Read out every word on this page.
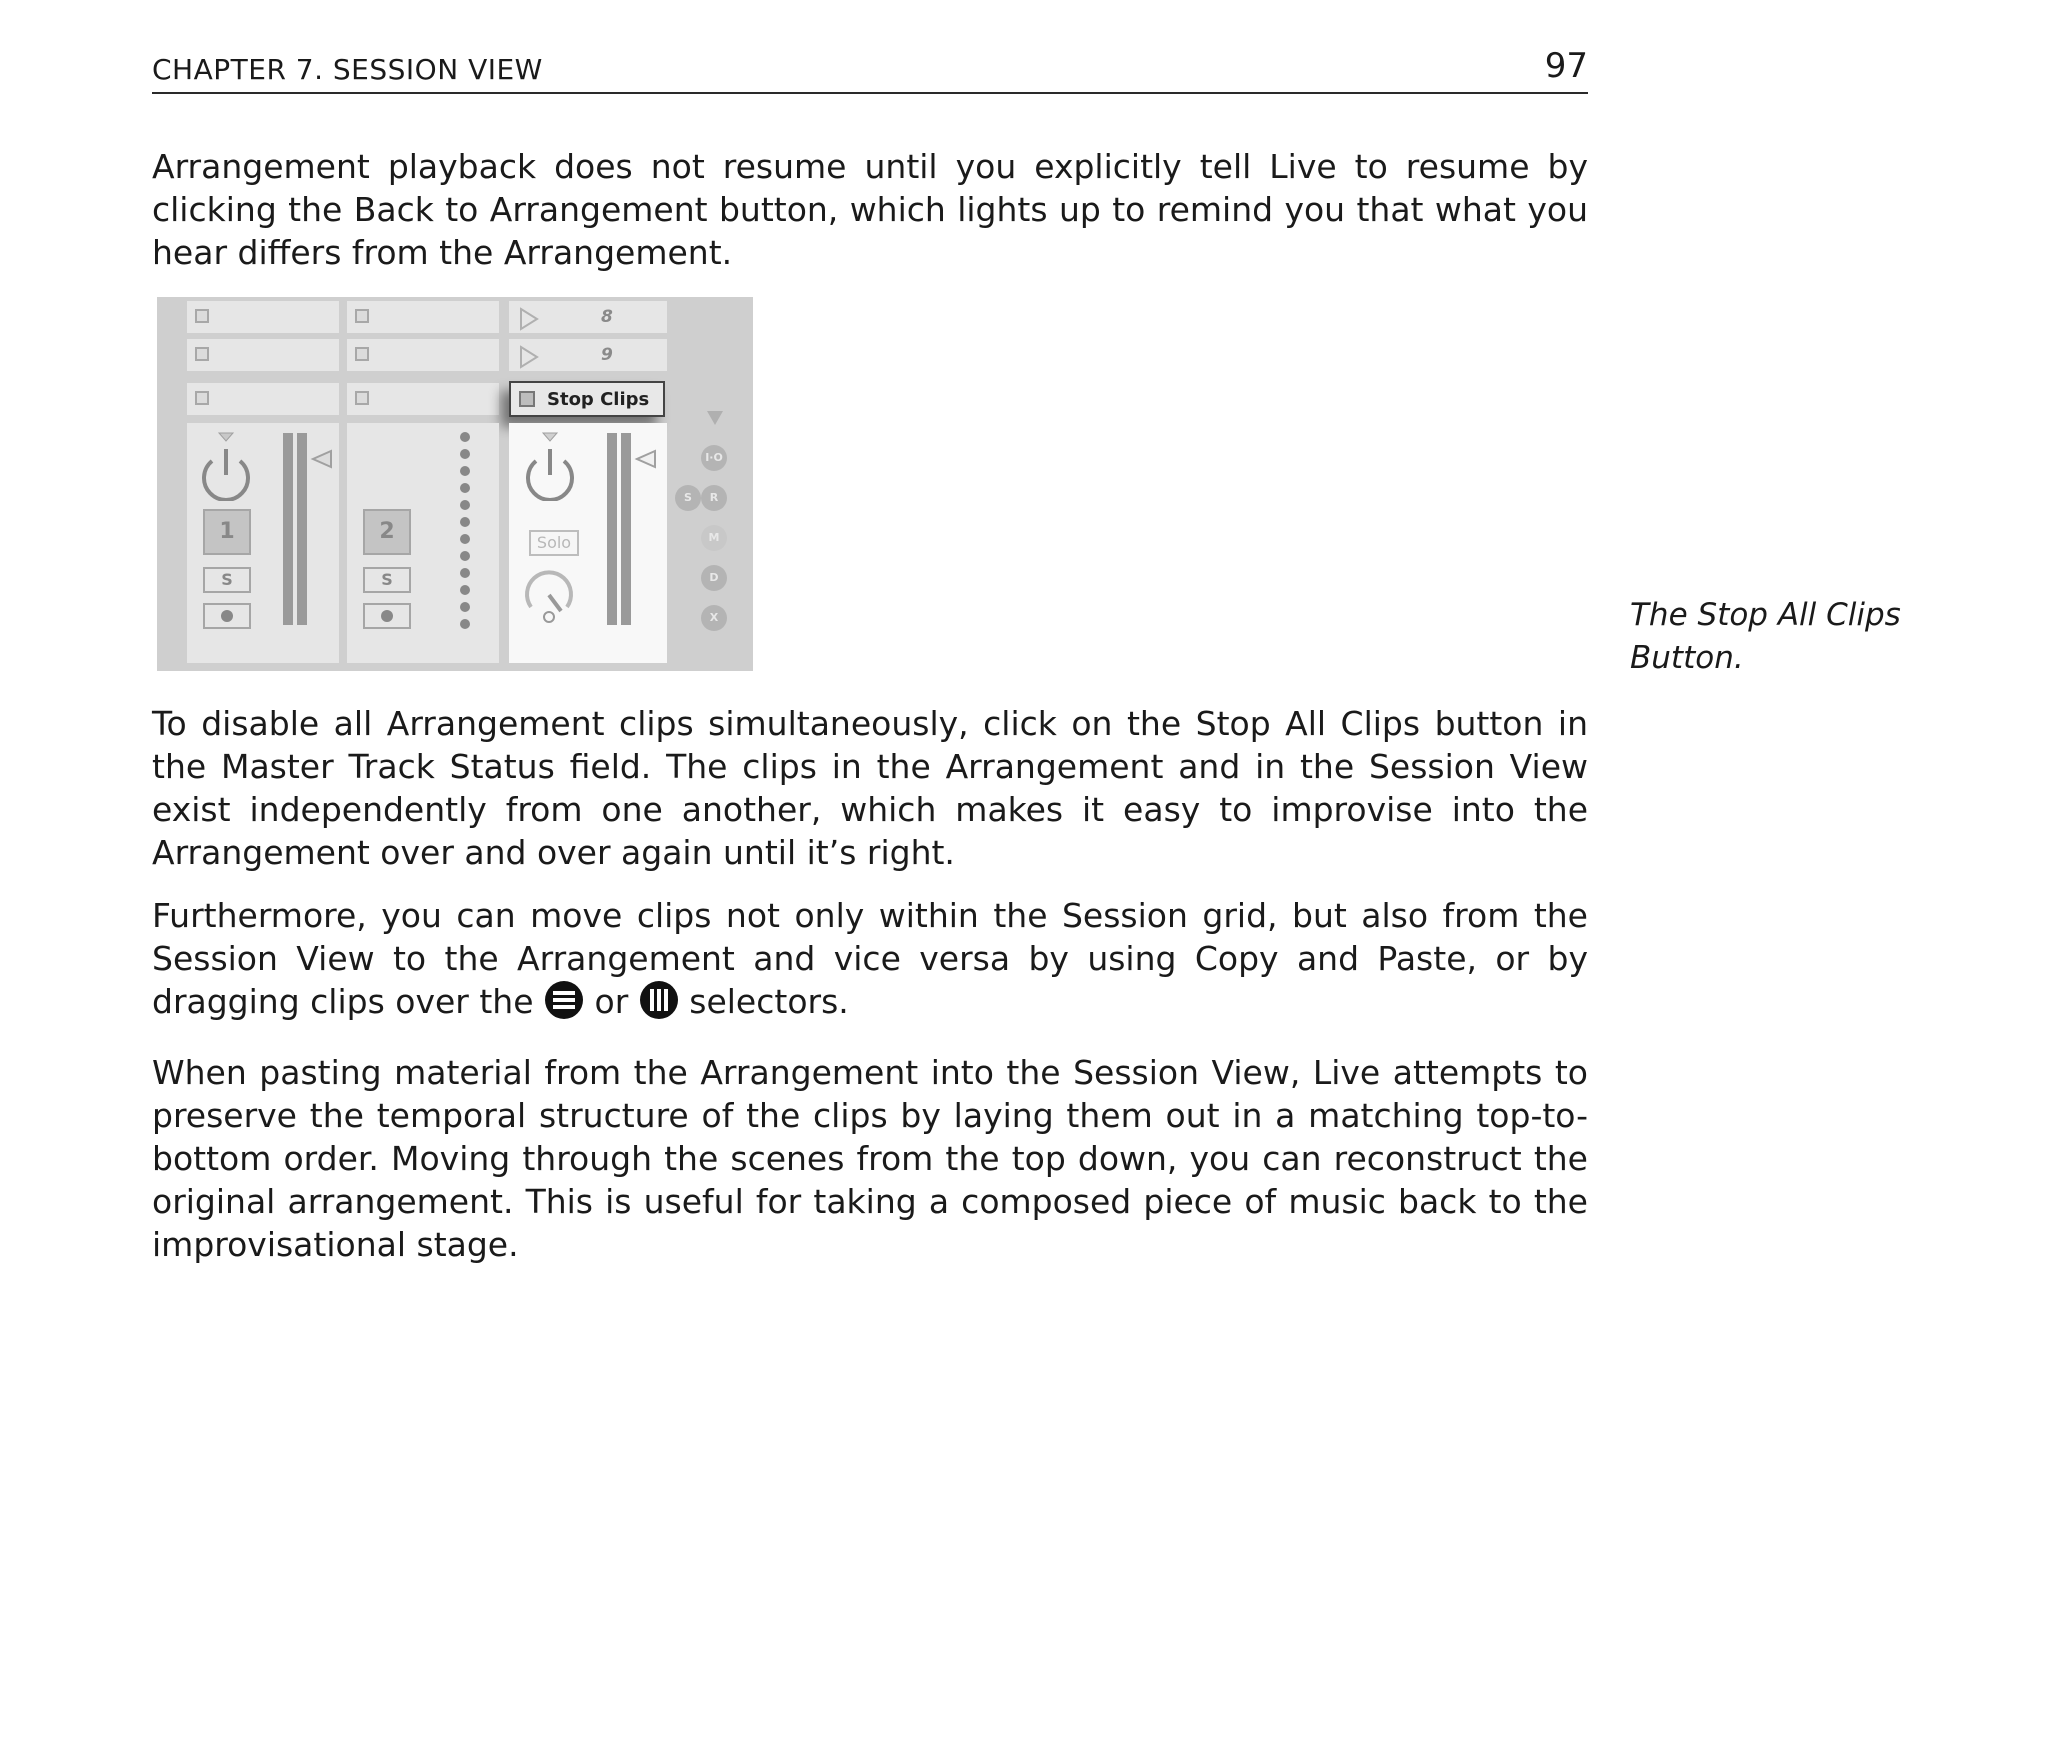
CHAPTER 7. SESSION VIEW	97

Arrangement playback does not resume until you explicitly tell Live to resume by clicking the Back to Arrangement button, which lights up to remind you that what you hear differs from the Arrangement.

8
9
Stop Clips
1	2
S	S
Solo
I·O
S	R
M
D
X	The Stop All Clips Button.

To disable all Arrangement clips simultaneously, click on the Stop All Clips button in the Master Track Status field. The clips in the Arrangement and in the Session View exist independently from one another, which makes it easy to improvise into the Arrangement over and over again until it’s right.

Furthermore, you can move clips not only within the Session grid, but also from the Session View to the Arrangement and vice versa by using Copy and Paste, or by dragging clips over the or selectors.

When pasting material from the Arrangement into the Session View, Live attempts to preserve the temporal structure of the clips by laying them out in a matching top-to-bottom order. Moving through the scenes from the top down, you can reconstruct the original arrangement. This is useful for taking a composed piece of music back to the improvisational stage.
